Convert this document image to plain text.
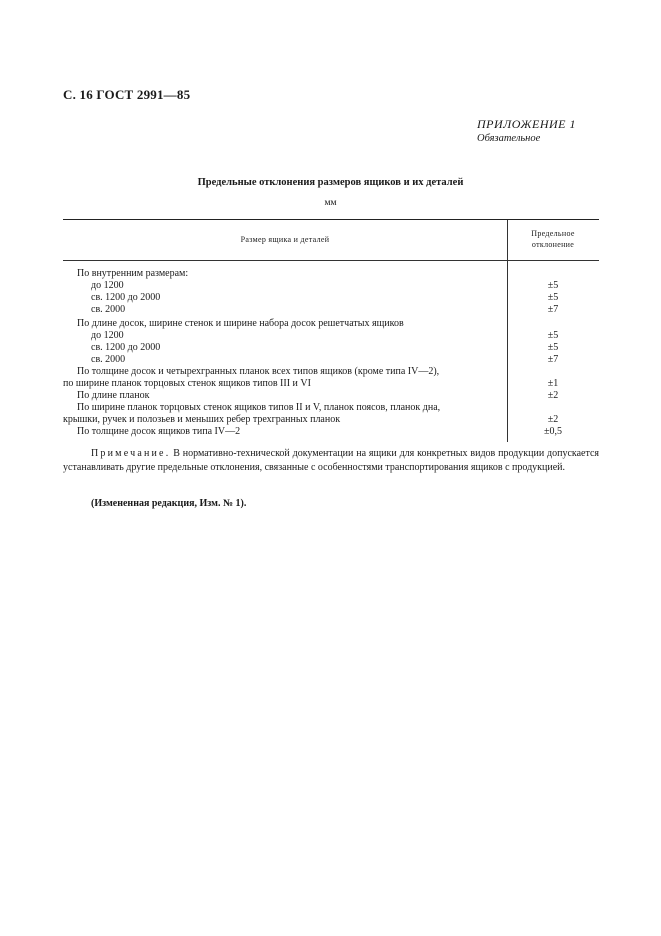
С. 16 ГОСТ 2991—85
ПРИЛОЖЕНИЕ 1
Обязательное
Предельные отклонения размеров ящиков и их деталей
мм
Размер ящика и деталей
Предельное
отклонение
По внутренним размерам:
до 1200	±5
св. 1200 до 2000	±5
св. 2000	±7
По длине досок, ширине стенок и ширине набора досок решетчатых ящиков
до 1200	±5
св. 1200 до 2000	±5
св. 2000	±7
По толщине досок и четырехгранных планок всех типов ящиков (кроме типа IV—2),
по ширине планок торцовых стенок ящиков типов III и VI	±1
По длине планок	±2
По ширине планок торцовых стенок ящиков типов II и V, планок поясов, планок дна,
крышки, ручек и полозьев и меньших ребер трехгранных планок	±2
По толщине досок ящиков типа IV—2	±0,5

Примечание. В нормативно-технической документации на ящики для конкретных видов продукции допускается устанавливать другие предельные отклонения, связанные с особенностями транспортирования ящиков с продукцией.

(Измененная редакция, Изм. № 1).
